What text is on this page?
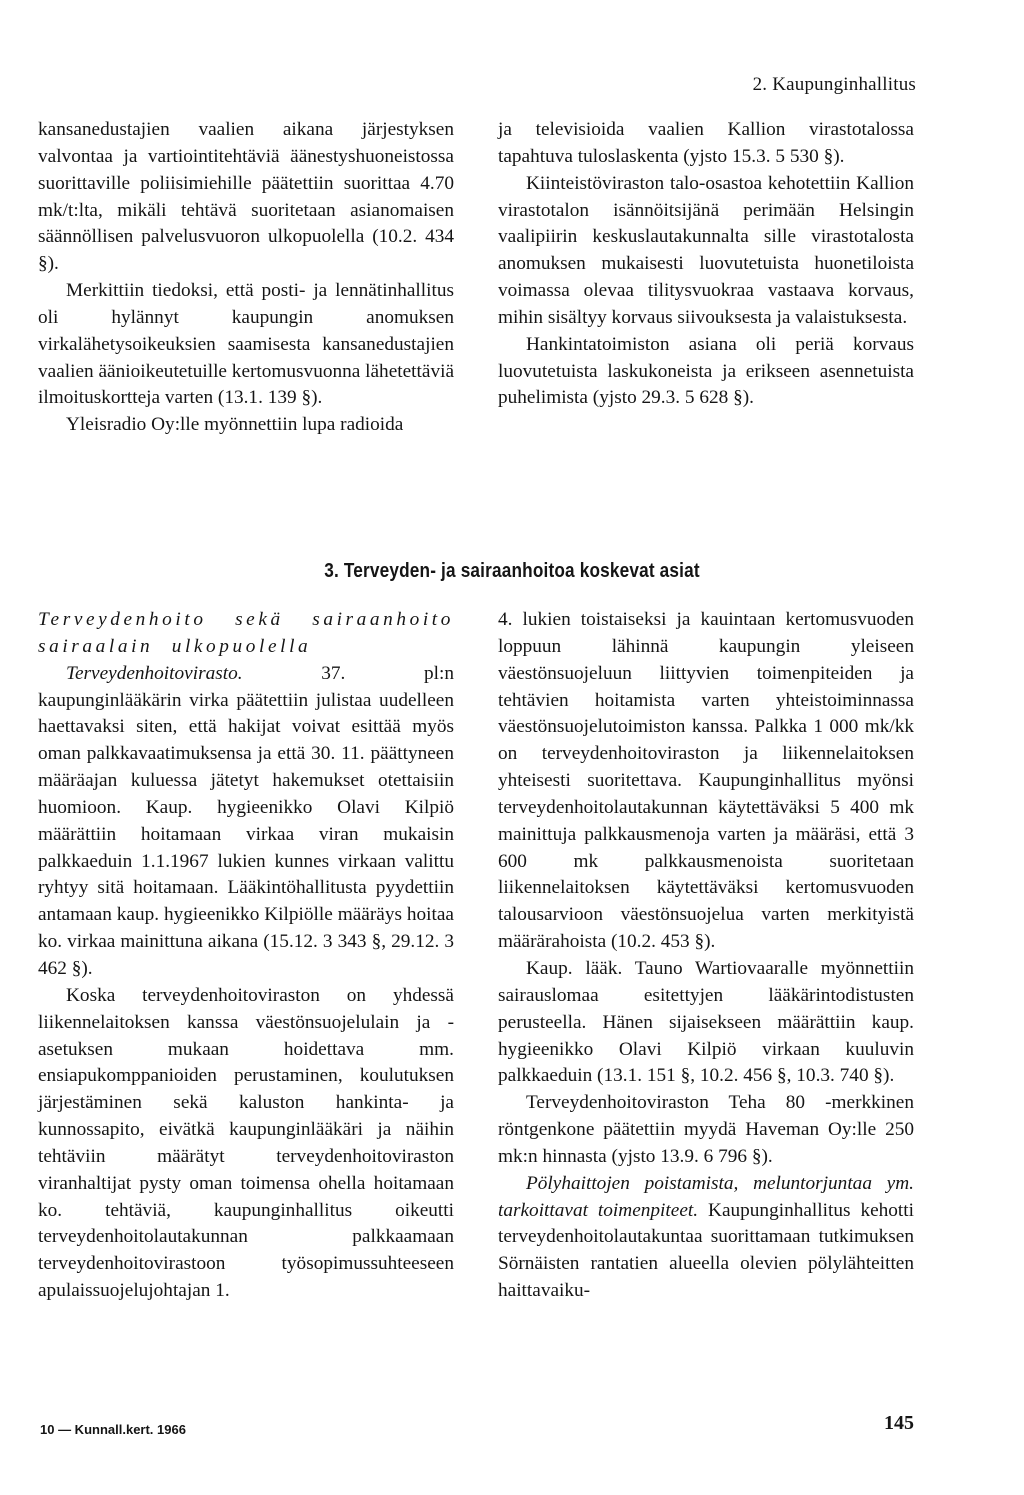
2. Kaupunginhallitus

kansanedustajien vaalien aikana järjestyksen valvontaa ja vartiointitehtäviä äänestyshuoneistossa suorittaville poliisimiehille päätettiin suorittaa 4.70 mk/t:lta, mikäli tehtävä suoritetaan asianomaisen säännöllisen palvelusvuoron ulkopuolella (10.2. 434 §).

Merkittiin tiedoksi, että posti- ja lennätinhallitus oli hylännyt kaupungin anomuksen virkalähetysoikeuksien saamisesta kansanedustajien vaalien äänioikeutetuille kertomusvuonna lähetettäviä ilmoituskortteja varten (13.1. 139 §).

Yleisradio Oy:lle myönnettiin lupa radioida

ja televisioida vaalien Kallion virastotalossa tapahtuva tuloslaskenta (yjsto 15.3. 5 530 §).

Kiinteistöviraston talo-osastoa kehotettiin Kallion virastotalon isännöitsijänä perimään Helsingin vaalipiirin keskuslautakunnalta sille virastotalosta anomuksen mukaisesti luovutetuista huonetiloista voimassa olevaa tilitysvuokraa vastaava korvaus, mihin sisältyy korvaus siivouksesta ja valaistuksesta.

Hankintatoimiston asiana oli periä korvaus luovutetuista laskukoneista ja erikseen asennetuista puhelimista (yjsto 29.3. 5 628 §).

3. Terveyden- ja sairaanhoitoa koskevat asiat

Terveydenhoito sekä sairaanhoito sairaalain ulkopuolella

Terveydenhoitovirasto. 37. pl:n kaupunginlääkärin virka päätettiin julistaa uudelleen haettavaksi siten, että hakijat voivat esittää myös oman palkkavaatimuksensa ja että 30. 11. päättyneen määräajan kuluessa jätetyt hakemukset otettaisiin huomioon. Kaup. hygieenikko Olavi Kilpiö määrättiin hoitamaan virkaa viran mukaisin palkkaeduin 1.1.1967 lukien kunnes virkaan valittu ryhtyy sitä hoitamaan. Lääkintöhallitusta pyydettiin antamaan kaup. hygieenikko Kilpiölle määräys hoitaa ko. virkaa mainittuna aikana (15.12. 3 343 §, 29.12. 3 462 §).

Koska terveydenhoitoviraston on yhdessä liikennelaitoksen kanssa väestönsuojelulain ja -asetuksen mukaan hoidettava mm. ensiapukomppanioiden perustaminen, koulutuksen järjestäminen sekä kaluston hankinta- ja kunnossapito, eivätkä kaupunginlääkäri ja näihin tehtäviin määrätyt terveydenhoitoviraston viranhaltijat pysty oman toimensa ohella hoitamaan ko. tehtäviä, kaupunginhallitus oikeutti terveydenhoitolautakunnan palkkaamaan terveydenhoitovirastoon työsopimussuhteeseen apulaissuojelujohtajan 1.

4. lukien toistaiseksi ja kauintaan kertomusvuoden loppuun lähinnä kaupungin yleiseen väestönsuojeluun liittyvien toimenpiteiden ja tehtävien hoitamista varten yhteistoiminnassa väestönsuojelutoimiston kanssa. Palkka 1 000 mk/kk on terveydenhoitoviraston ja liikennelaitoksen yhteisesti suoritettava. Kaupunginhallitus myönsi terveydenhoitolautakunnan käytettäväksi 5 400 mk mainittuja palkkausmenoja varten ja määräsi, että 3 600 mk palkkausmenoista suoritetaan liikennelaitoksen käytettäväksi kertomusvuoden talousarvioon väestönsuojelua varten merkityistä määrärahoista (10.2. 453 §).

Kaup. lääk. Tauno Wartiovaaralle myönnettiin sairauslomaa esitettyjen lääkärintodistusten perusteella. Hänen sijaisekseen määrättiin kaup. hygieenikko Olavi Kilpiö virkaan kuuluvin palkkaeduin (13.1. 151 §, 10.2. 456 §, 10.3. 740 §).

Terveydenhoitoviraston Teha 80 -merkkinen röntgenkone päätettiin myydä Haveman Oy:lle 250 mk:n hinnasta (yjsto 13.9. 6 796 §).

Pölyhaittojen poistamista, meluntorjuntaa ym. tarkoittavat toimenpiteet. Kaupunginhallitus kehotti terveydenhoitolautakuntaa suorittamaan tutkimuksen Sörnäisten rantatien alueella olevien pölylähteitten haittavaiku-

10 — Kunnall.kert. 1966	145
